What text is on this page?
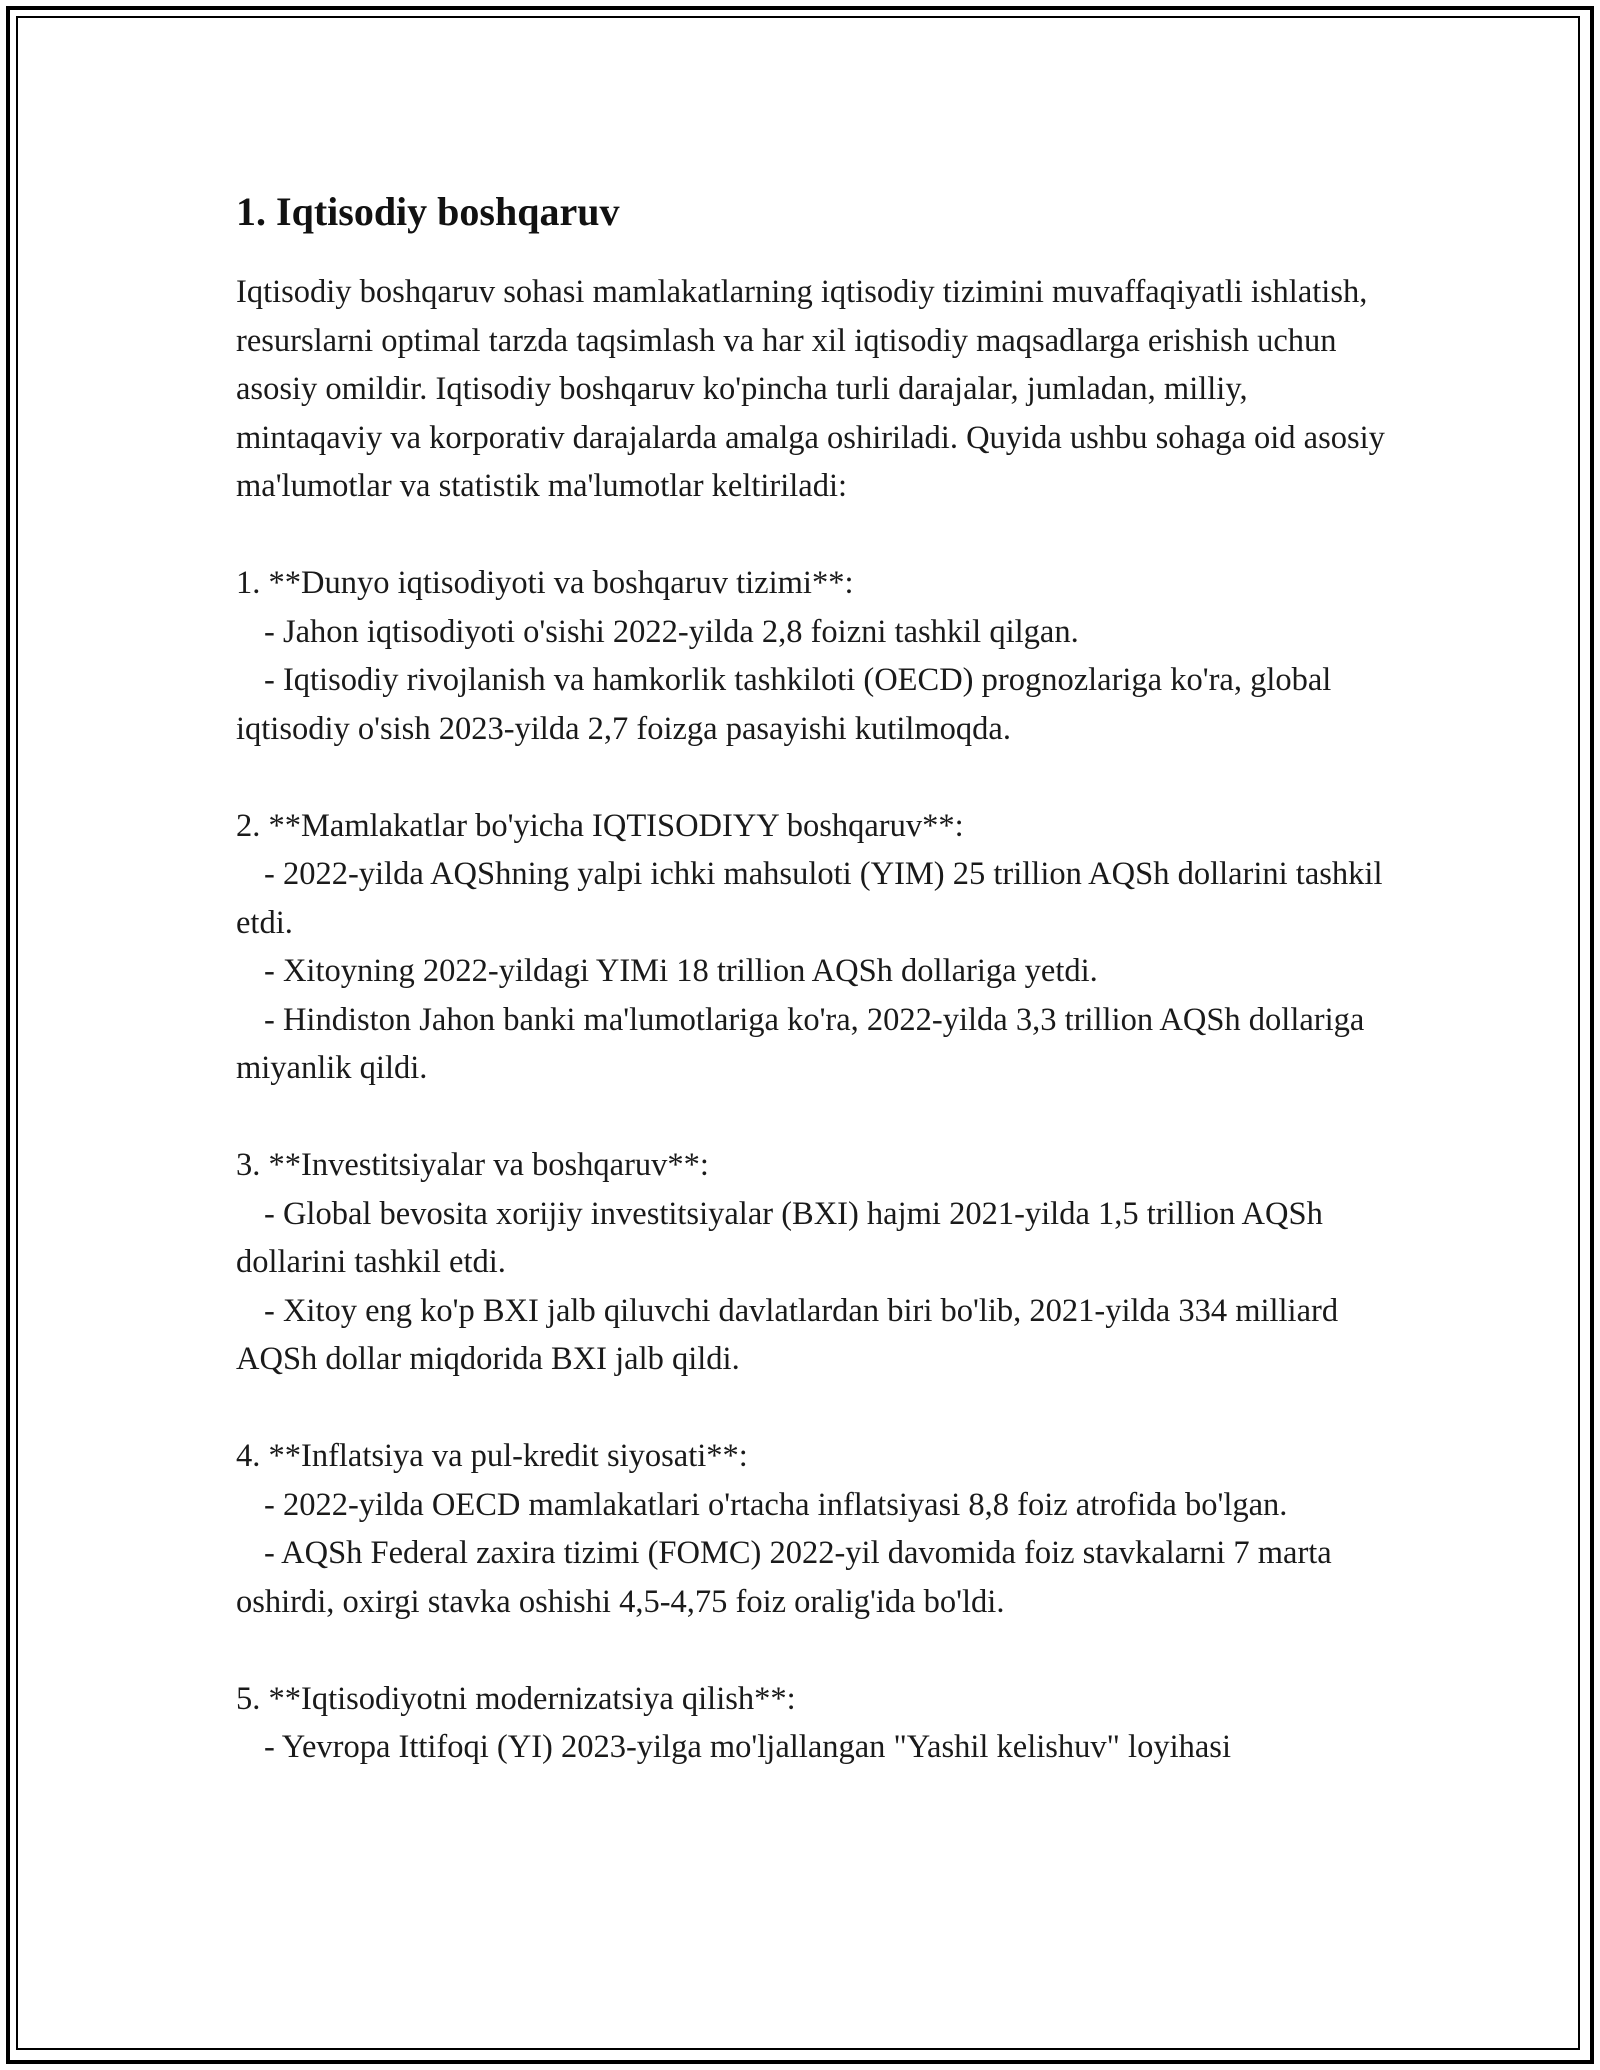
1. Iqtisodiy boshqaruv

Iqtisodiy boshqaruv sohasi mamlakatlarning iqtisodiy tizimini muvaffaqiyatli ishlatish, resurslarni optimal tarzda taqsimlash va har xil iqtisodiy maqsadlarga erishish uchun asosiy omildir. Iqtisodiy boshqaruv ko'pincha turli darajalar, jumladan, milliy, mintaqaviy va korporativ darajalarda amalga oshiriladi. Quyida ushbu sohaga oid asosiy ma'lumotlar va statistik ma'lumotlar keltiriladi:

1. **Dunyo iqtisodiyoti va boshqaruv tizimi**:
- Jahon iqtisodiyoti o'sishi 2022-yilda 2,8 foizni tashkil qilgan.
- Iqtisodiy rivojlanish va hamkorlik tashkiloti (OECD) prognozlariga ko'ra, global iqtisodiy o'sish 2023-yilda 2,7 foizga pasayishi kutilmoqda.
2. **Mamlakatlar bo'yicha IQTISODIYY boshqaruv**:
- 2022-yilda AQShning yalpi ichki mahsuloti (YIM) 25 trillion AQSh dollarini tashkil etdi.
- Xitoyning 2022-yildagi YIMi 18 trillion AQSh dollariga yetdi.
- Hindiston Jahon banki ma'lumotlariga ko'ra, 2022-yilda 3,3 trillion AQSh dollariga miyanlik qildi.
3. **Investitsiyalar va boshqaruv**:
- Global bevosita xorijiy investitsiyalar (BXI) hajmi 2021-yilda 1,5 trillion AQSh dollarini tashkil etdi.
- Xitoy eng ko'p BXI jalb qiluvchi davlatlardan biri bo'lib, 2021-yilda 334 milliard AQSh dollar miqdorida BXI jalb qildi.
4. **Inflatsiya va pul-kredit siyosati**:
- 2022-yilda OECD mamlakatlari o'rtacha inflatsiyasi 8,8 foiz atrofida bo'lgan.
- AQSh Federal zaxira tizimi (FOMC) 2022-yil davomida foiz stavkalarni 7 marta oshirdi, oxirgi stavka oshishi 4,5-4,75 foiz oralig'ida bo'ldi.
5. **Iqtisodiyotni modernizatsiya qilish**:
- Yevropa Ittifoqi (YI) 2023-yilga mo'ljallangan "Yashil kelishuv" loyihasi
